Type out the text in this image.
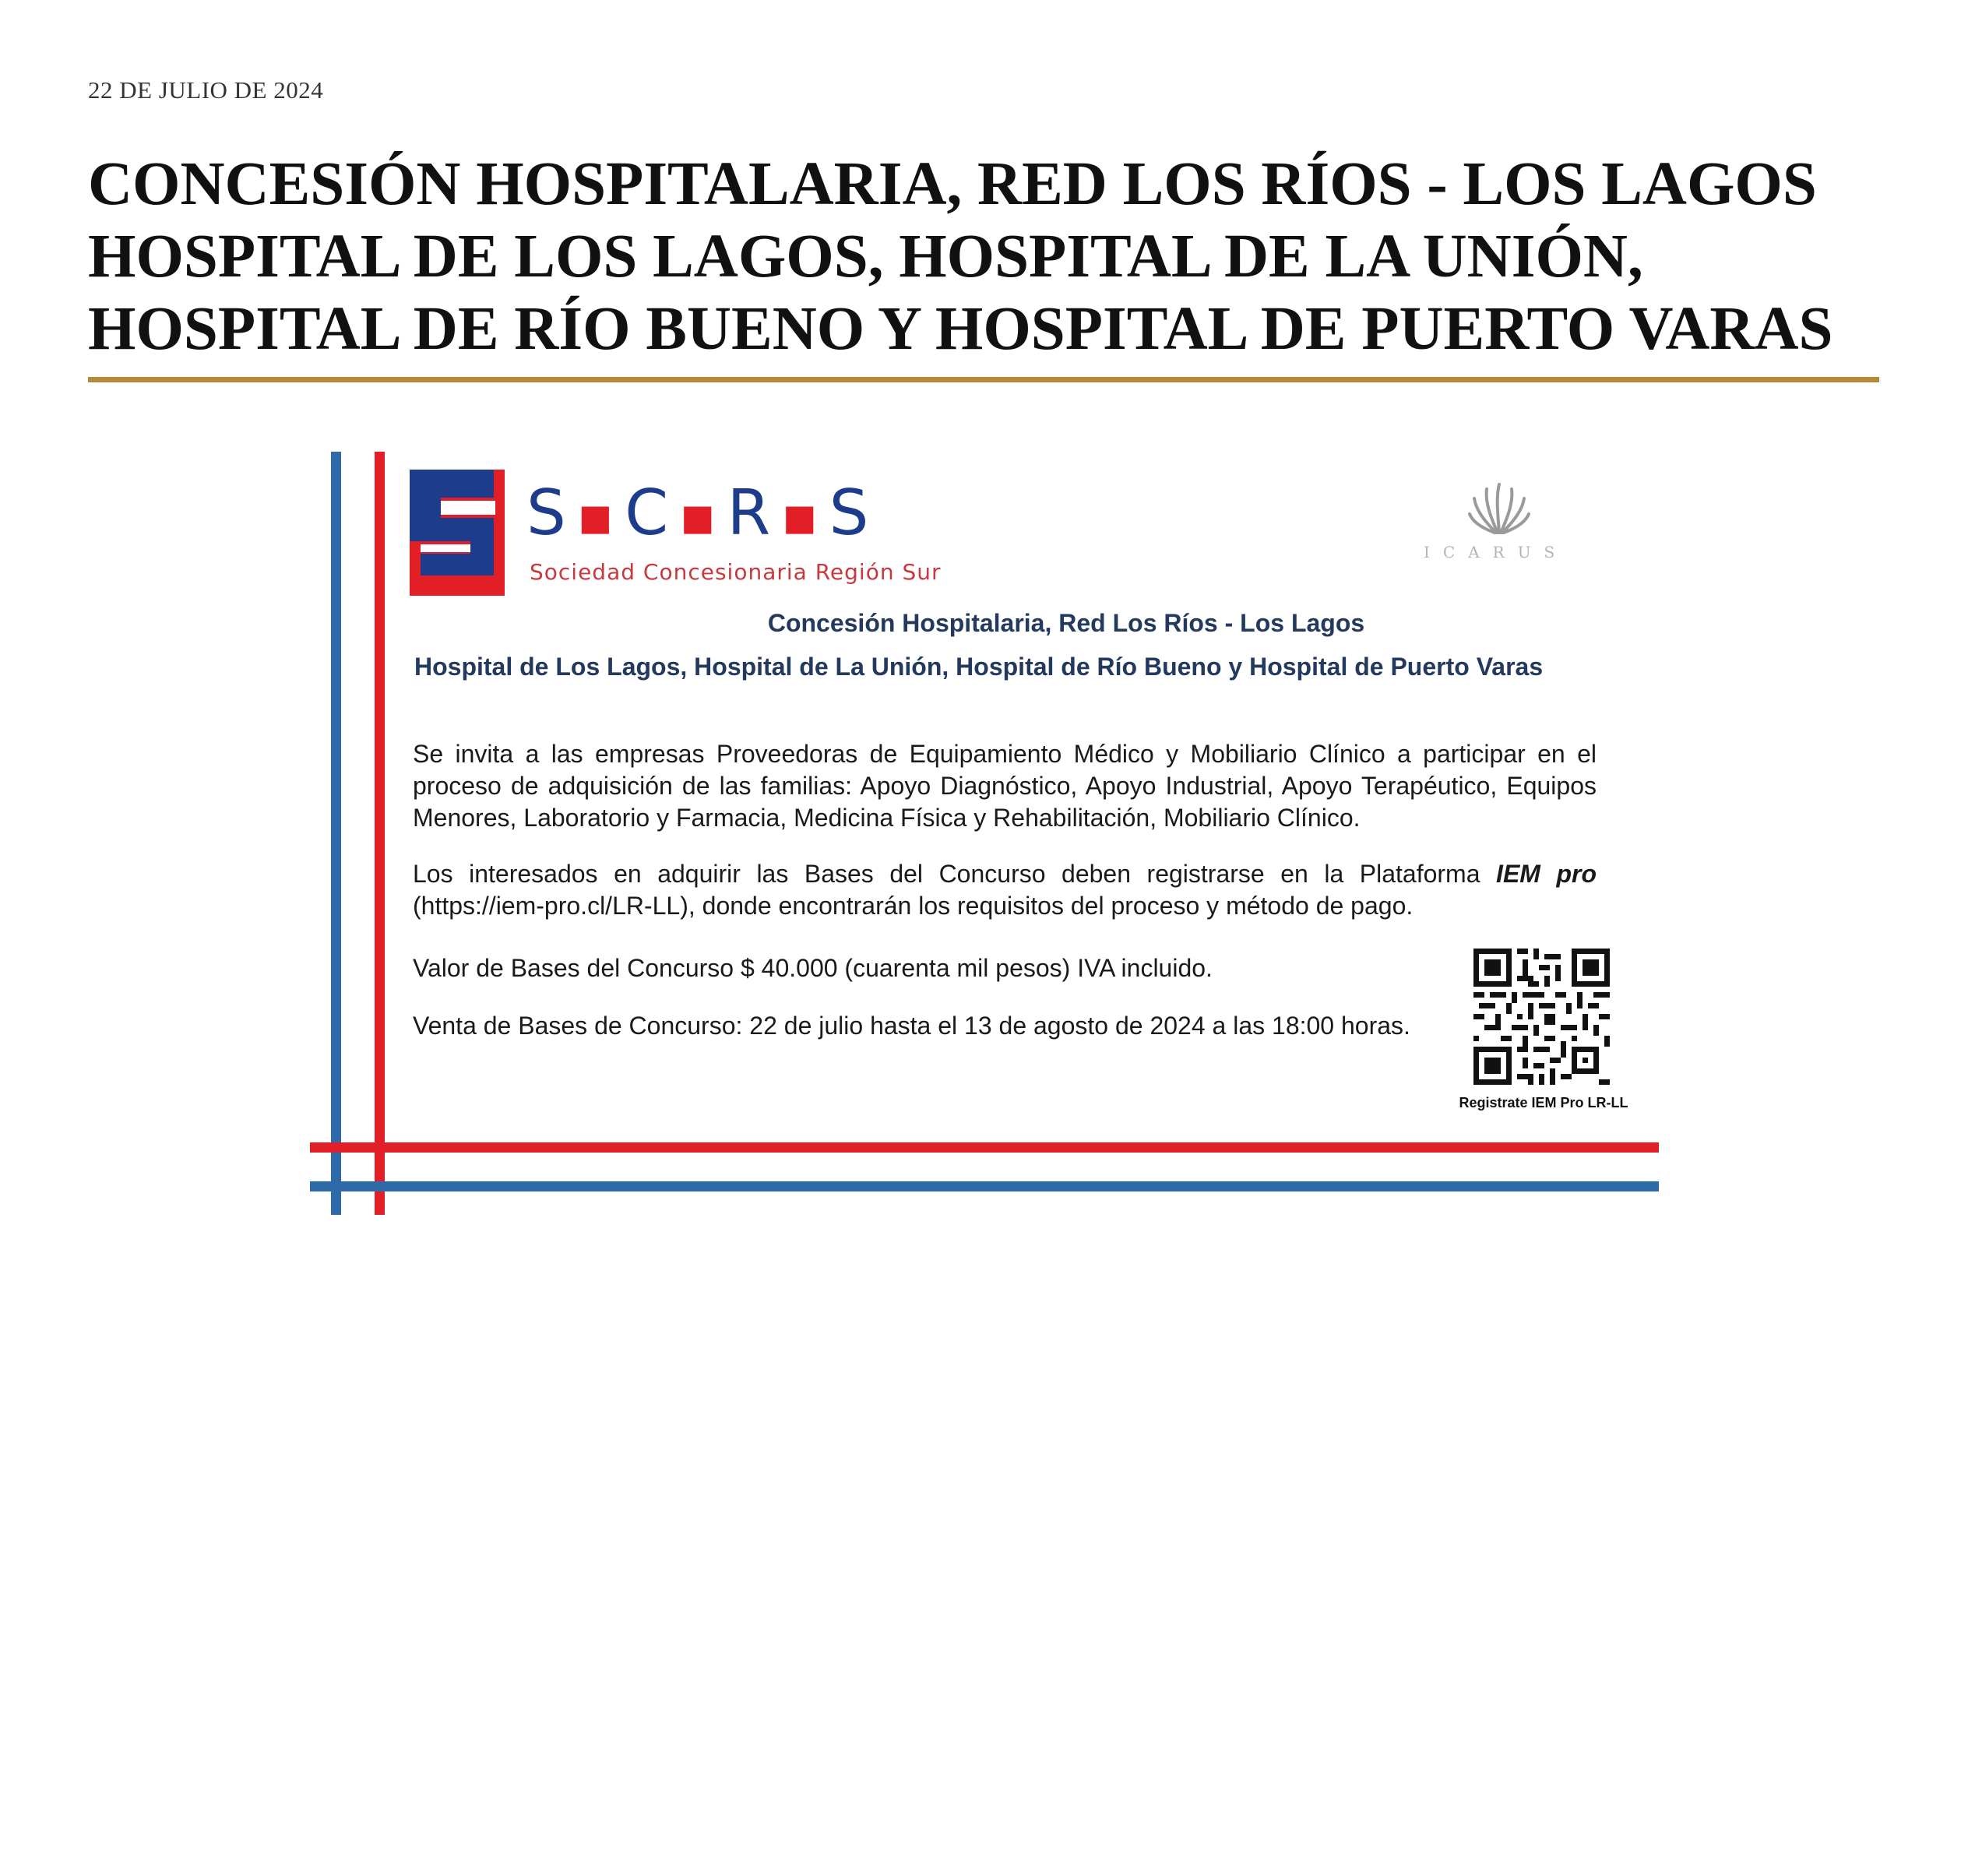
22 DE JULIO DE 2024
CONCESIÓN HOSPITALARIA, RED LOS RÍOS - LOS LAGOS
HOSPITAL DE LOS LAGOS, HOSPITAL DE LA UNIÓN,
HOSPITAL DE RÍO BUENO Y HOSPITAL DE PUERTO VARAS
S ■ C ■ R ■ S
Sociedad Concesionaria Región Sur
ICARUS
Concesión Hospitalaria, Red Los Ríos - Los Lagos
Hospital de Los Lagos, Hospital de La Unión, Hospital de Río Bueno y Hospital de Puerto Varas

Se invita a las empresas Proveedoras de Equipamiento Médico y Mobiliario Clínico a participar en el proceso de adquisición de las familias: Apoyo Diagnóstico, Apoyo Industrial, Apoyo Terapéutico, Equipos Menores, Laboratorio y Farmacia, Medicina Física y Rehabilitación, Mobiliario Clínico.

Los interesados en adquirir las Bases del Concurso deben registrarse en la Plataforma IEM pro (https://iem-pro.cl/LR-LL), donde encontrarán los requisitos del proceso y método de pago.

Valor de Bases del Concurso $ 40.000 (cuarenta mil pesos) IVA incluido.

Venta de Bases de Concurso: 22 de julio hasta el 13 de agosto de 2024 a las 18:00 horas.

Registrate IEM Pro LR-LL
